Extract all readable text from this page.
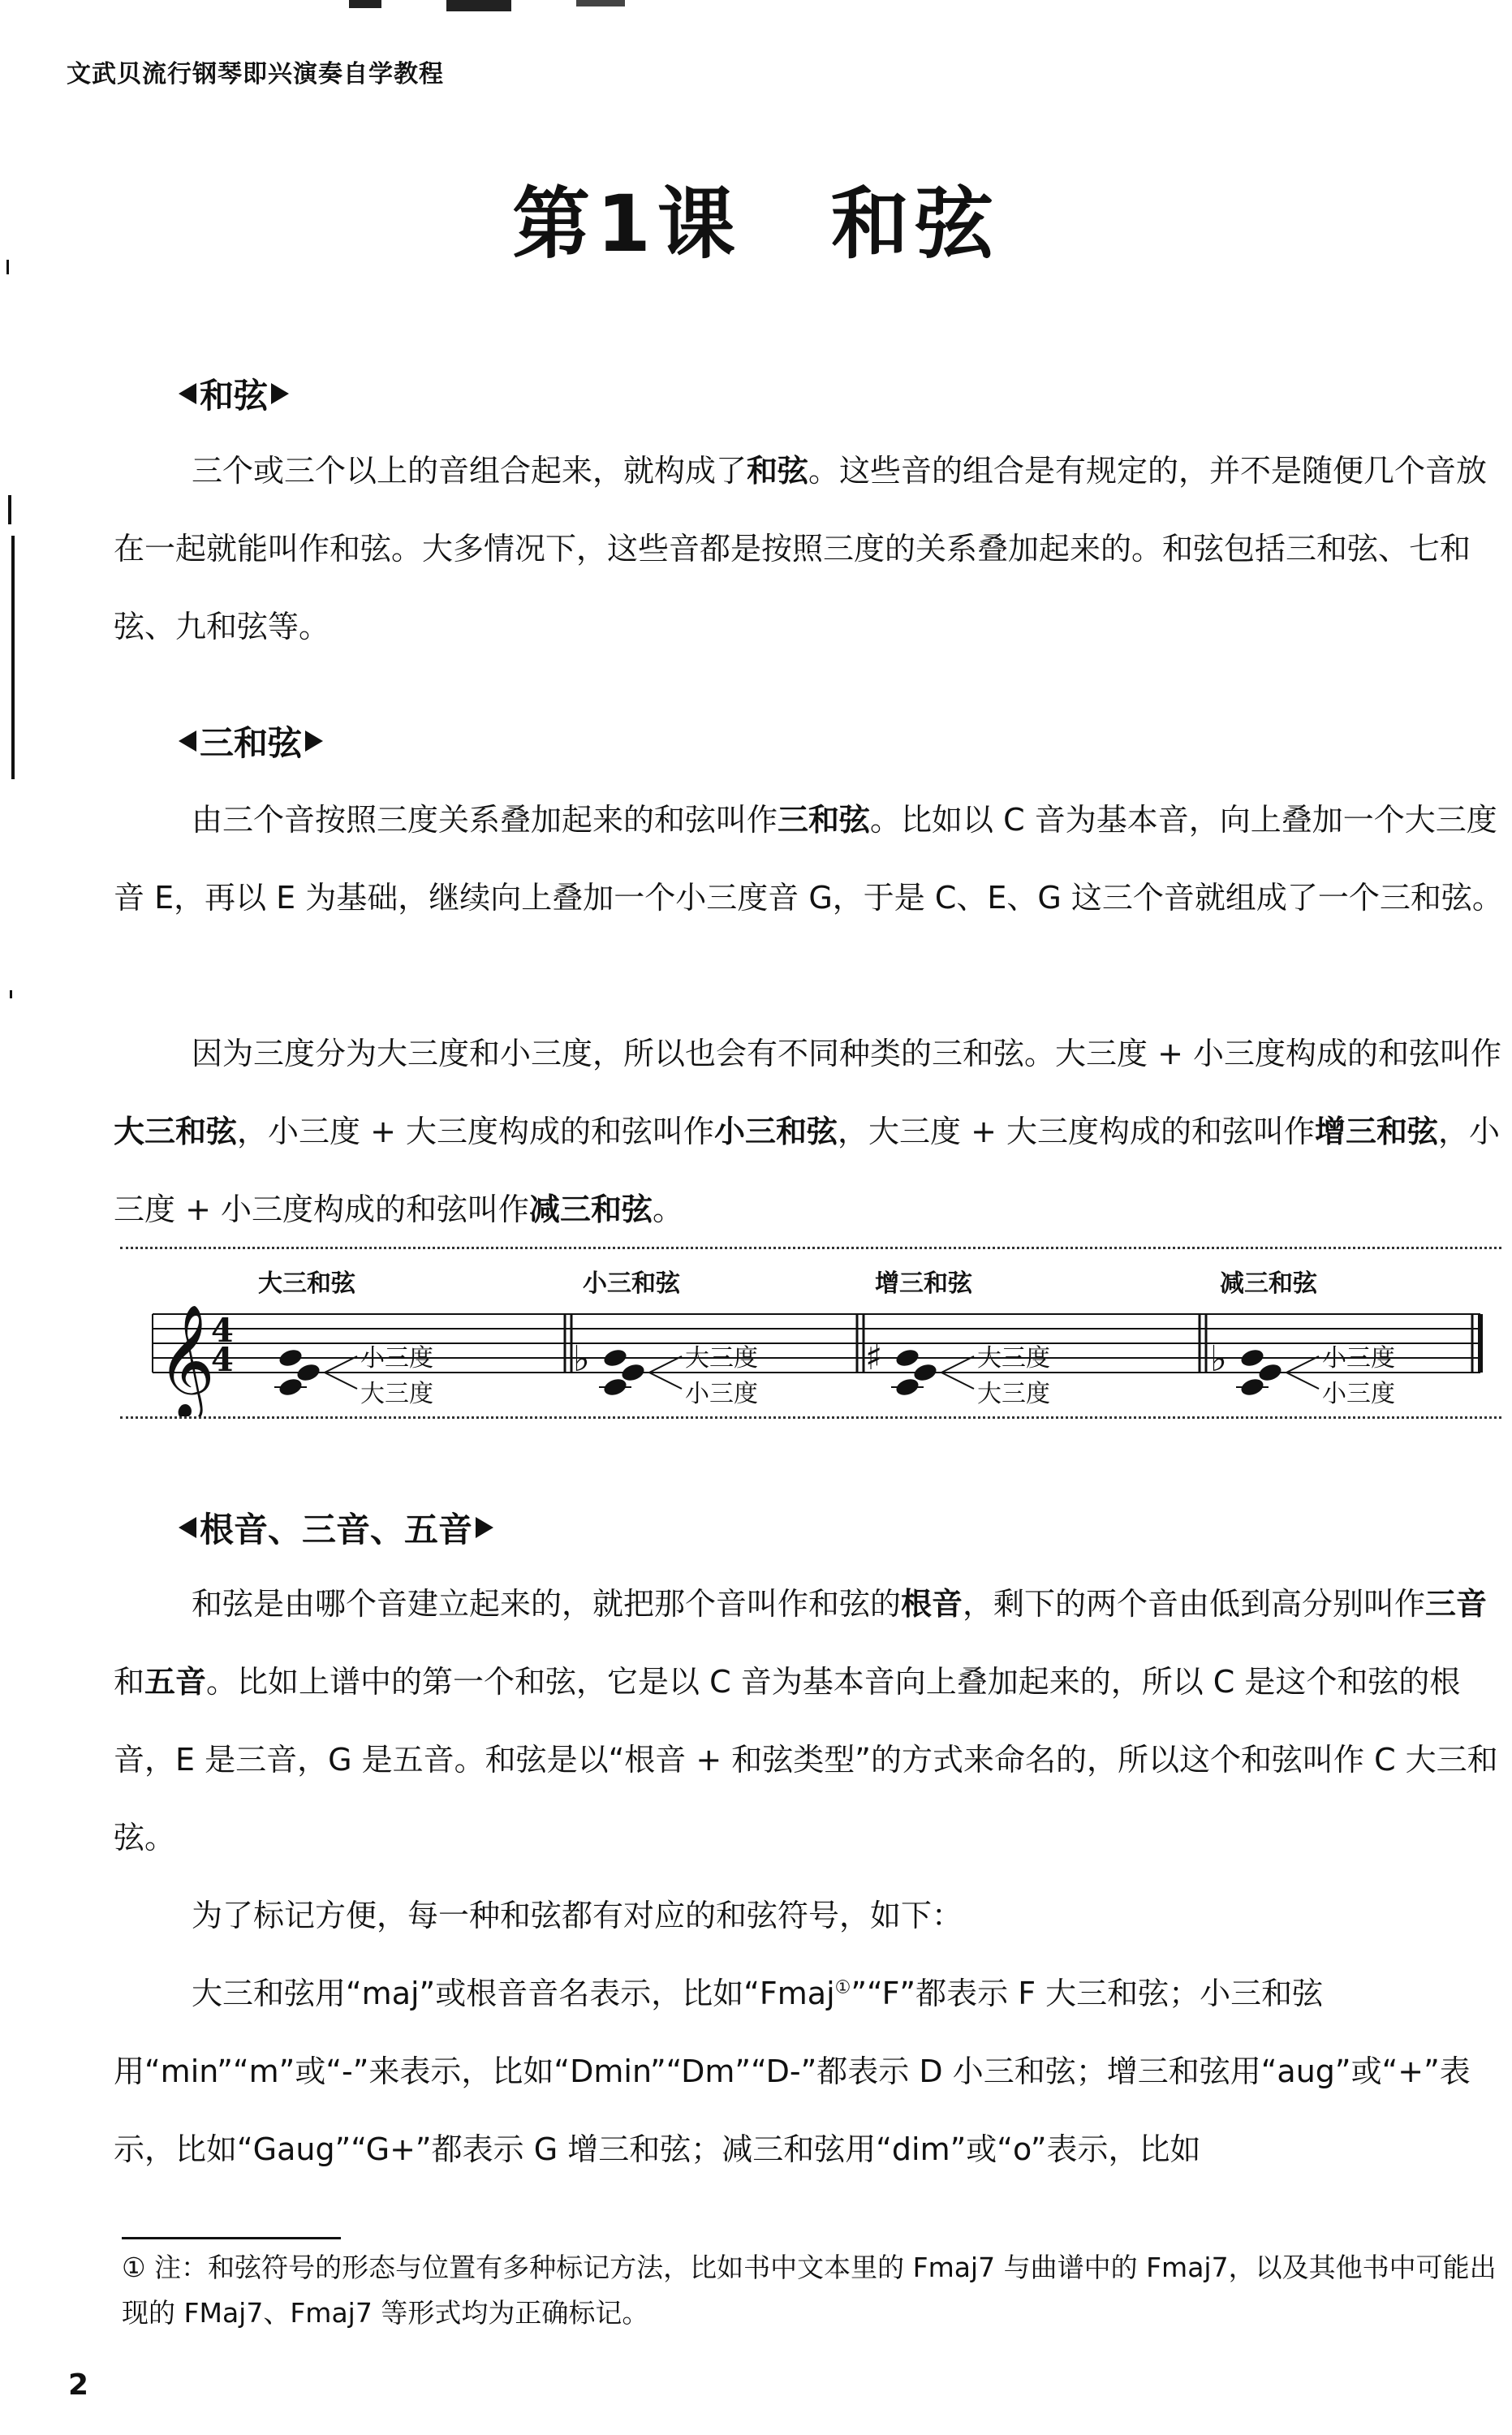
文武贝流行钢琴即兴演奏自学教程
第1课 和弦
和弦
三个或三个以上的音组合起来，就构成了和弦。这些音的组合是有规定的，并不是随便几个音放在一起就能叫作和弦。大多情况下，这些音都是按照三度的关系叠加起来的。和弦包括三和弦、七和弦、九和弦等。
三和弦
由三个音按照三度关系叠加起来的和弦叫作三和弦。比如以 C 音为基本音，向上叠加一个大三度音 E，再以 E 为基础，继续向上叠加一个小三度音 G，于是 C、E、G 这三个音就组成了一个三和弦。
因为三度分为大三度和小三度，所以也会有不同种类的三和弦。大三度 + 小三度构成的和弦叫作大三和弦，小三度 + 大三度构成的和弦叫作小三和弦，大三度 + 大三度构成的和弦叫作增三和弦，小三度 + 小三度构成的和弦叫作减三和弦。
𝄞
4
4
大三和弦
小三度
大三度
小三和弦
♭	大三度
小三度
增三和弦
♯	大三度
大三度
减三和弦
♭	小三度
小三度
根音、三音、五音
和弦是由哪个音建立起来的，就把那个音叫作和弦的根音，剩下的两个音由低到高分别叫作三音和五音。比如上谱中的第一个和弦，它是以 C 音为基本音向上叠加起来的，所以 C 是这个和弦的根音，E 是三音，G 是五音。和弦是以“根音 + 和弦类型”的方式来命名的，所以这个和弦叫作 C 大三和弦。
为了标记方便，每一种和弦都有对应的和弦符号，如下：
大三和弦用“maj”或根音音名表示，比如“Fmaj①”“F”都表示 F 大三和弦；小三和弦用“min”“m”或“-”来表示，比如“Dmin”“Dm”“D-”都表示 D 小三和弦；增三和弦用“aug”或“+”表示，比如“Gaug”“G+”都表示 G 增三和弦；减三和弦用“dim”或“o”表示，比如
① 注：和弦符号的形态与位置有多种标记方法，比如书中文本里的 Fmaj7 与曲谱中的 Fmaj7，以及其他书中可能出现的 FMaj7、Fmaj7 等形式均为正确标记。
2
